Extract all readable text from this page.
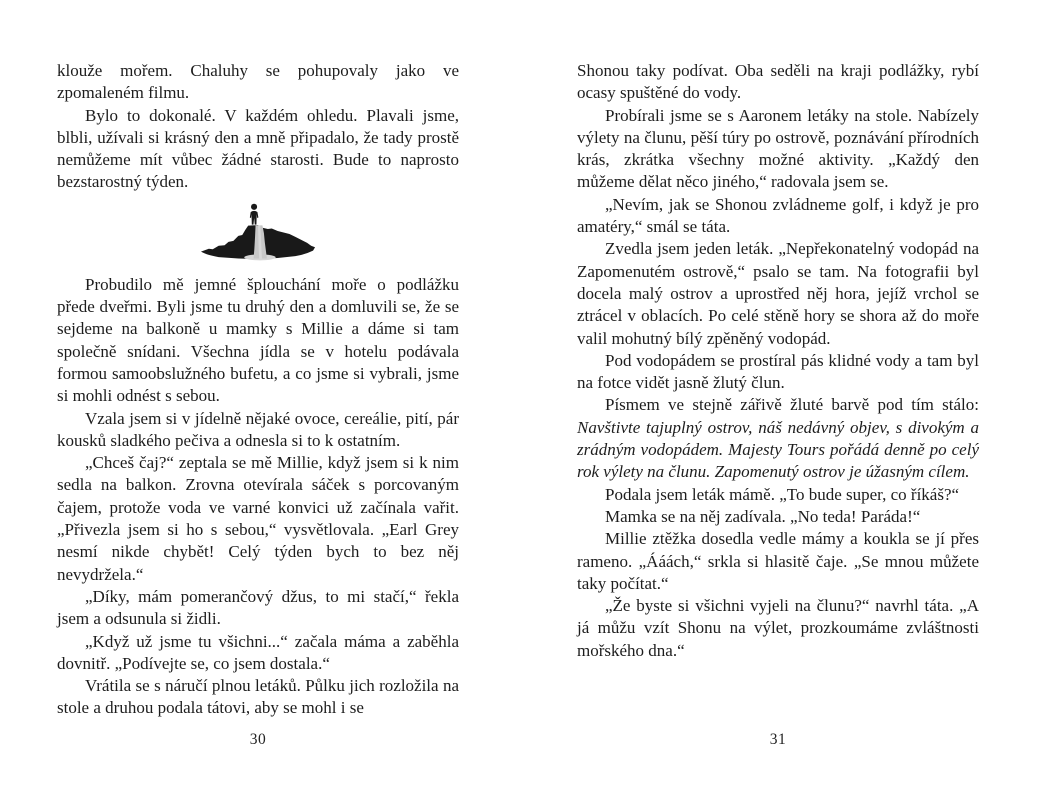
klouže mořem. Chaluhy se pohupovaly jako ve zpomaleném filmu.

Bylo to dokonalé. V každém ohledu. Plavali jsme, blbli, užívali si krásný den a mně připadalo, že tady prostě nemůžeme mít vůbec žádné starosti. Bude to naprosto bezstarostný týden.

Probudilo mě jemné šplouchání moře o podlážku přede dveřmi. Byli jsme tu druhý den a domluvili se, že se sejdeme na balkoně u mamky s Millie a dáme si tam společně snídani. Všechna jídla se v hotelu podávala formou samoobslužného bufetu, a co jsme si vybrali, jsme si mohli odnést s sebou.

Vzala jsem si v jídelně nějaké ovoce, cereálie, pití, pár kousků sladkého pečiva a odnesla si to k ostatním.

„Chceš čaj?“ zeptala se mě Millie, když jsem si k nim sedla na balkon. Zrovna otevírala sáček s porcovaným čajem, protože voda ve varné konvici už začínala vařit. „Přivezla jsem si ho s sebou,“ vysvětlovala. „Earl Grey nesmí nikde chybět! Celý týden bych to bez něj nevydržela.“

„Díky, mám pomerančový džus, to mi stačí,“ řekla jsem a odsunula si židli.

„Když už jsme tu všichni...“ začala máma a zaběhla dovnitř. „Podívejte se, co jsem dostala.“

Vrátila se s náručí plnou letáků. Půlku jich rozložila na stole a druhou podala tátovi, aby se mohl i se

30

Shonou taky podívat. Oba seděli na kraji podlážky, rybí ocasy spuštěné do vody.

Probírali jsme se s Aaronem letáky na stole. Nabízely výlety na člunu, pěší túry po ostrově, poznávání přírodních krás, zkrátka všechny možné aktivity. „Každý den můžeme dělat něco jiného,“ radovala jsem se.

„Nevím, jak se Shonou zvládneme golf, i když je pro amatéry,“ smál se táta.

Zvedla jsem jeden leták. „Nepřekonatelný vodopád na Zapomenutém ostrově,“ psalo se tam. Na fotografii byl docela malý ostrov a uprostřed něj hora, jejíž vrchol se ztrácel v oblacích. Po celé stěně hory se shora až do moře valil mohutný bílý zpěněný vodopád.

Pod vodopádem se prostíral pás klidné vody a tam byl na fotce vidět jasně žlutý člun.

Písmem ve stejně zářivě žluté barvě pod tím stálo: Navštivte tajuplný ostrov, náš nedávný objev, s divokým a zrádným vodopádem. Majesty Tours pořádá denně po celý rok výlety na člunu. Zapomenutý ostrov je úžasným cílem.

Podala jsem leták mámě. „To bude super, co říkáš?“

Mamka se na něj zadívala. „No teda! Paráda!“

Millie ztěžka dosedla vedle mámy a koukla se jí přes rameno. „Ááách,“ srkla si hlasitě čaje. „Se mnou můžete taky počítat.“

„Že byste si všichni vyjeli na člunu?“ navrhl táta. „A já můžu vzít Shonu na výlet, prozkoumáme zvláštnosti mořského dna.“

31
